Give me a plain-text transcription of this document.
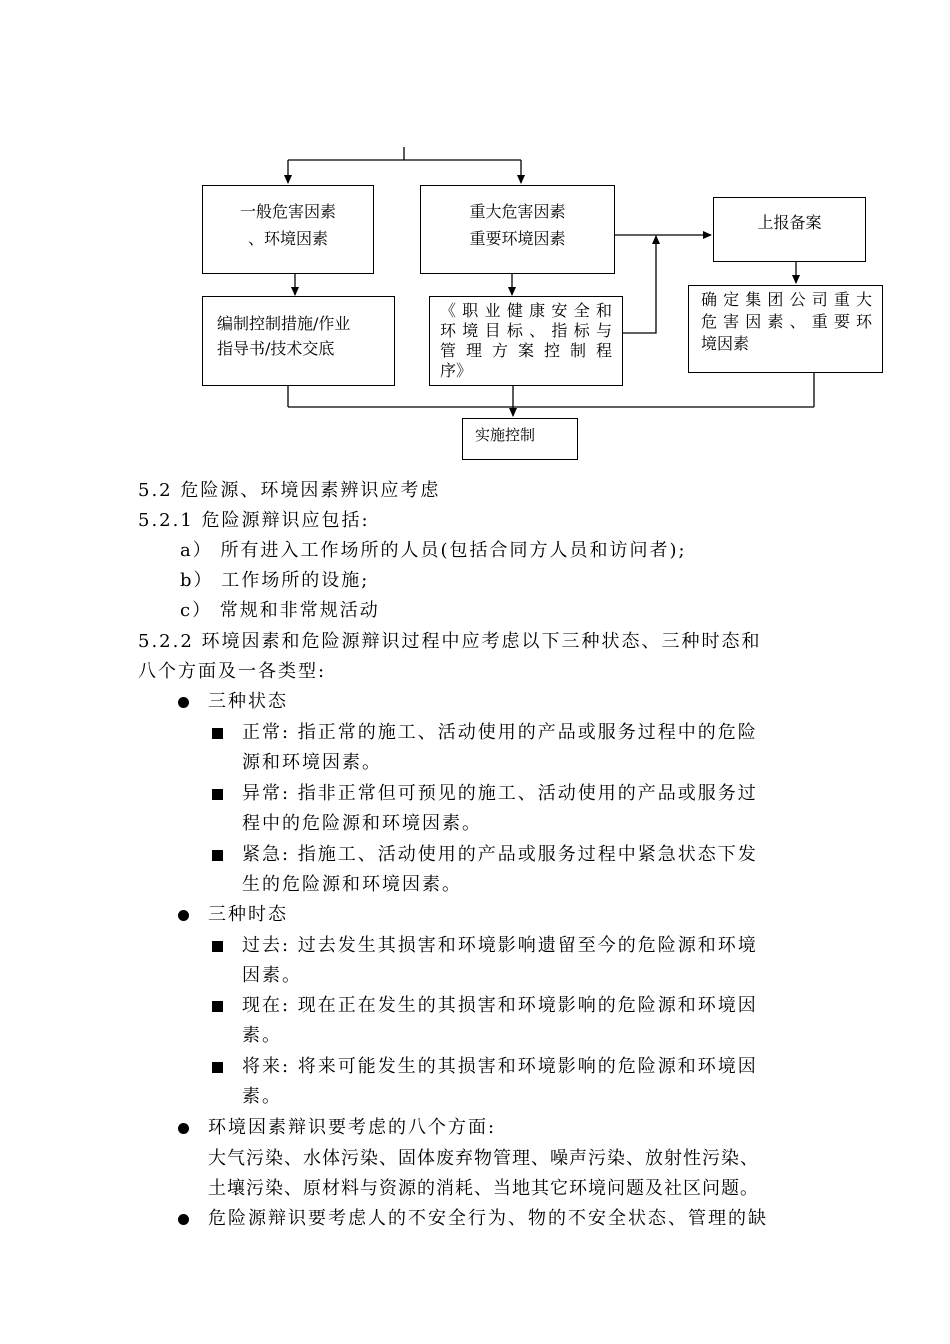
一般危害因素
、环境因素
重大危害因素
重要环境因素
上报备案
编制控制措施/作业
指导书/技术交底
《职业健康安全和
环境目标、指标与
管 理 方 案 控 制 程
序》
确定集团公司重大
危害因素、重要环
境因素
实施控制
5.2 危险源、环境因素辨识应考虑
5.2.1 危险源辩识应包括:
a） 所有进入工作场所的人员(包括合同方人员和访问者);
b） 工作场所的设施;
c） 常规和非常规活动
5.2.2 环境因素和危险源辩识过程中应考虑以下三种状态、三种时态和
八个方面及一各类型:
三种状态
正常: 指正常的施工、活动使用的产品或服务过程中的危险
源和环境因素。
异常: 指非正常但可预见的施工、活动使用的产品或服务过
程中的危险源和环境因素。
紧急: 指施工、活动使用的产品或服务过程中紧急状态下发
生的危险源和环境因素。
三种时态
过去: 过去发生其损害和环境影响遗留至今的危险源和环境
因素。
现在: 现在正在发生的其损害和环境影响的危险源和环境因
素。
将来: 将来可能发生的其损害和环境影响的危险源和环境因
素。
环境因素辩识要考虑的八个方面:
大气污染、水体污染、固体废弃物管理、噪声污染、放射性污染、
土壤污染、原材料与资源的消耗、当地其它环境问题及社区问题。
危险源辩识要考虑人的不安全行为、物的不安全状态、管理的缺
